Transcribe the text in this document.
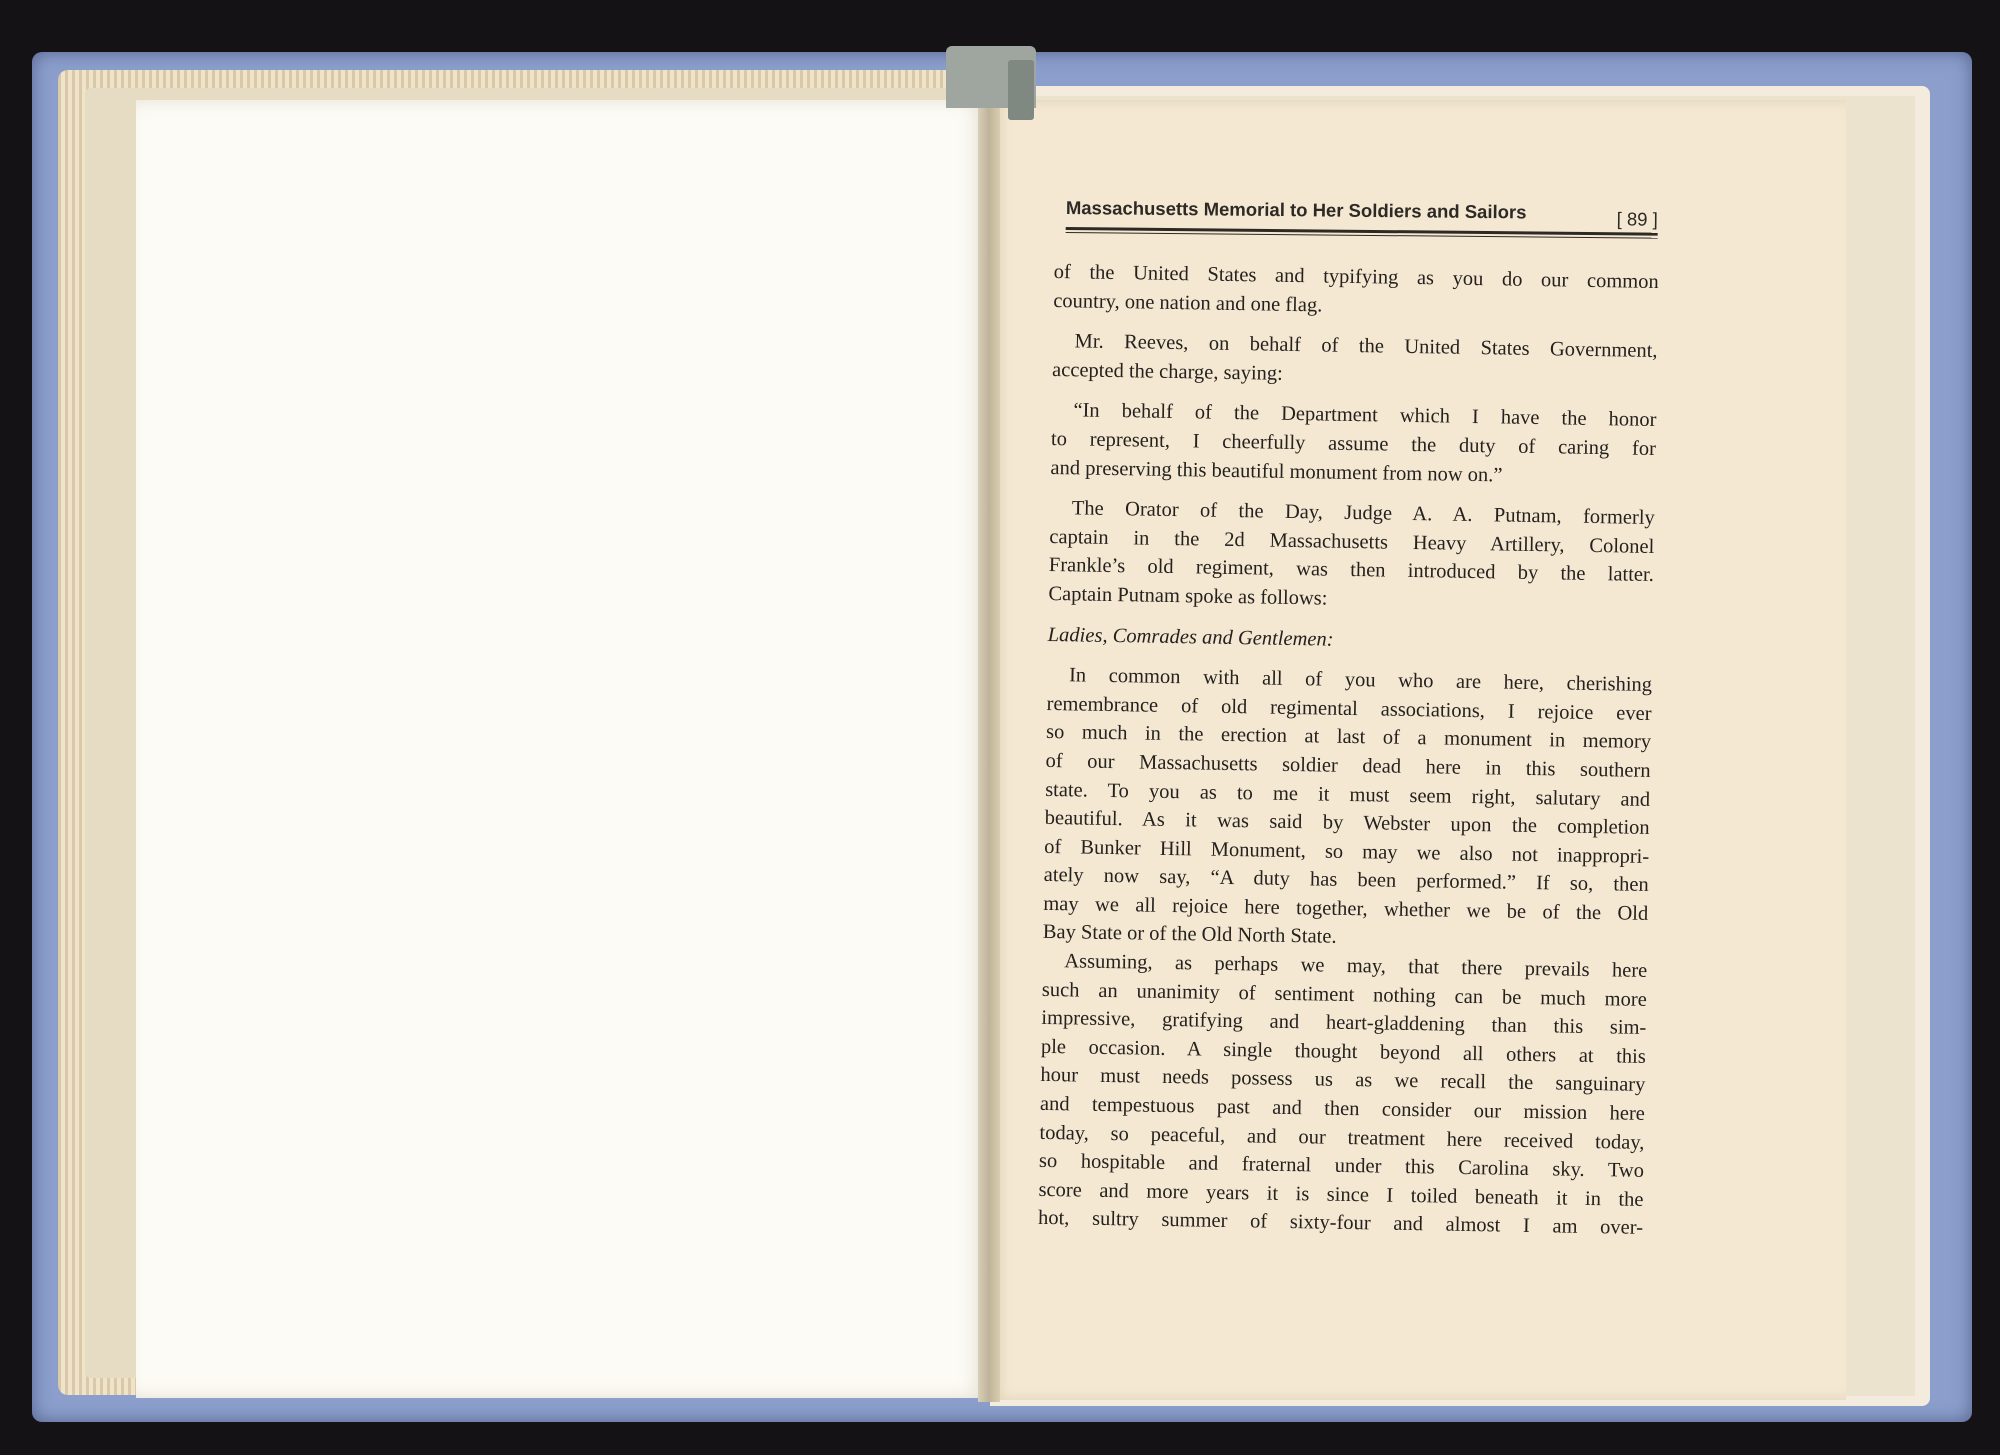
Massachusetts Memorial to Her Soldiers and Sailors	[ 89 ]
of the United States and typifying as you do our common
country, one nation and one flag.
Mr. Reeves, on behalf of the United States Government,
accepted the charge, saying:
“In behalf of the Department which I have the honor
to represent, I cheerfully assume the duty of caring for
and preserving this beautiful monument from now on.”
The Orator of the Day, Judge A. A. Putnam, formerly
captain in the 2d Massachusetts Heavy Artillery, Colonel
Frankle’s old regiment, was then introduced by the latter.
Captain Putnam spoke as follows:
Ladies, Comrades and Gentlemen:
In common with all of you who are here, cherishing
remembrance of old regimental associations, I rejoice ever
so much in the erection at last of a monument in memory
of our Massachusetts soldier dead here in this southern
state. To you as to me it must seem right, salutary and
beautiful. As it was said by Webster upon the completion
of Bunker Hill Monument, so may we also not inappropri-
ately now say, “A duty has been performed.” If so, then
may we all rejoice here together, whether we be of the Old
Bay State or of the Old North State.
Assuming, as perhaps we may, that there prevails here
such an unanimity of sentiment nothing can be much more
impressive, gratifying and heart-gladdening than this sim-
ple occasion. A single thought beyond all others at this
hour must needs possess us as we recall the sanguinary
and tempestuous past and then consider our mission here
today, so peaceful, and our treatment here received today,
so hospitable and fraternal under this Carolina sky. Two
score and more years it is since I toiled beneath it in the
hot, sultry summer of sixty-four and almost I am over-
